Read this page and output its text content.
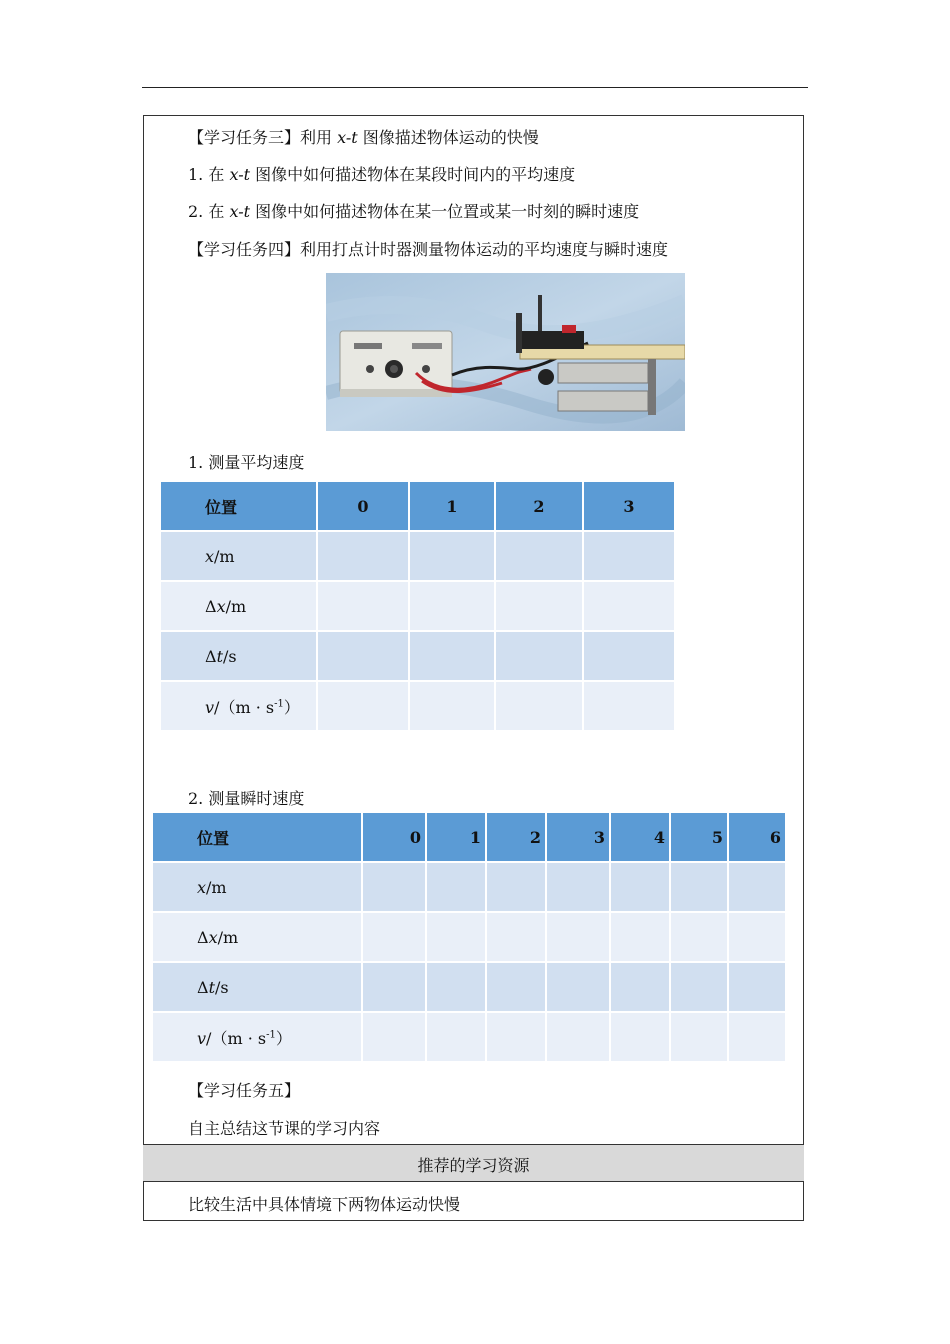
【学习任务三】利用 x-t 图像描述物体运动的快慢
1. 在 x-t 图像中如何描述物体在某段时间内的平均速度
2. 在 x-t 图像中如何描述物体在某一位置或某一时刻的瞬时速度
【学习任务四】利用打点计时器测量物体运动的平均速度与瞬时速度
1. 测量平均速度
位置	0	1	2	3
x/m				
Δx/m				
Δt/s				
$v/(m \cdot s^{-1})$				
2. 测量瞬时速度
位置	0	1	2	3	4	5	6
x/m							
Δx/m							
Δt/s							
$v/(m \cdot s^{-1})$							
【学习任务五】
自主总结这节课的学习内容
推荐的学习资源
比较生活中具体情境下两物体运动快慢
